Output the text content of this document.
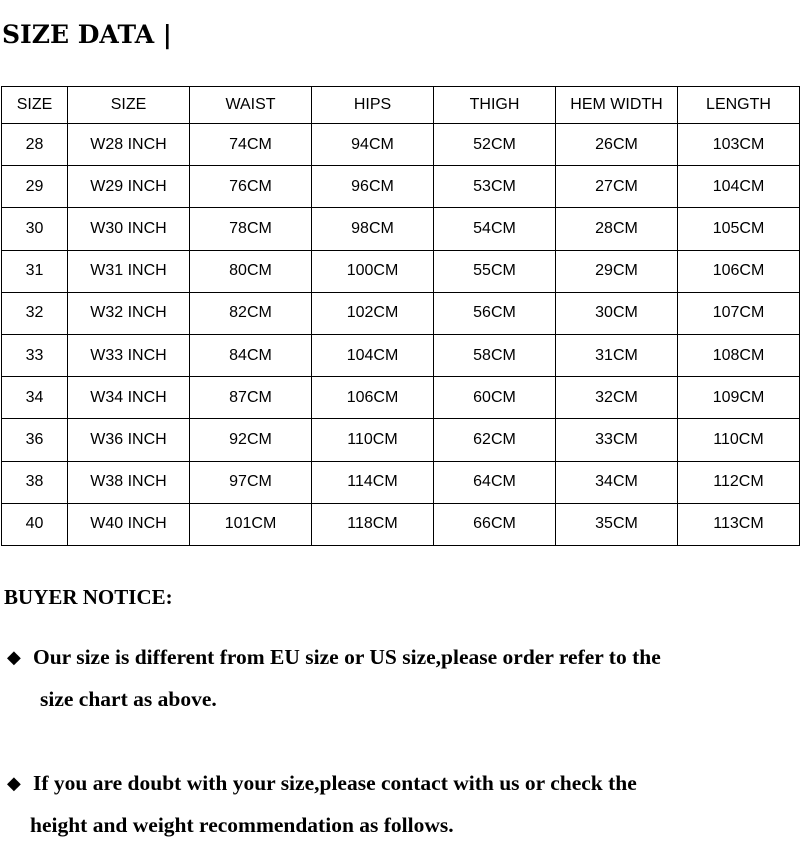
SIZE DATA |
SIZE	SIZE	WAIST	HIPS	THIGH	HEM WIDTH	LENGTH
28	W28 INCH	74CM	94CM	52CM	26CM	103CM
29	W29 INCH	76CM	96CM	53CM	27CM	104CM
30	W30 INCH	78CM	98CM	54CM	28CM	105CM
31	W31 INCH	80CM	100CM	55CM	29CM	106CM
32	W32 INCH	82CM	102CM	56CM	30CM	107CM
33	W33 INCH	84CM	104CM	58CM	31CM	108CM
34	W34 INCH	87CM	106CM	60CM	32CM	109CM
36	W36 INCH	92CM	110CM	62CM	33CM	110CM
38	W38 INCH	97CM	114CM	64CM	34CM	112CM
40	W40 INCH	101CM	118CM	66CM	35CM	113CM
BUYER NOTICE:
◆ Our size is different from EU size or US size,please order refer to the
size chart as above.
◆ If you are doubt with your size,please contact with us or check the
height and weight recommendation as follows.
